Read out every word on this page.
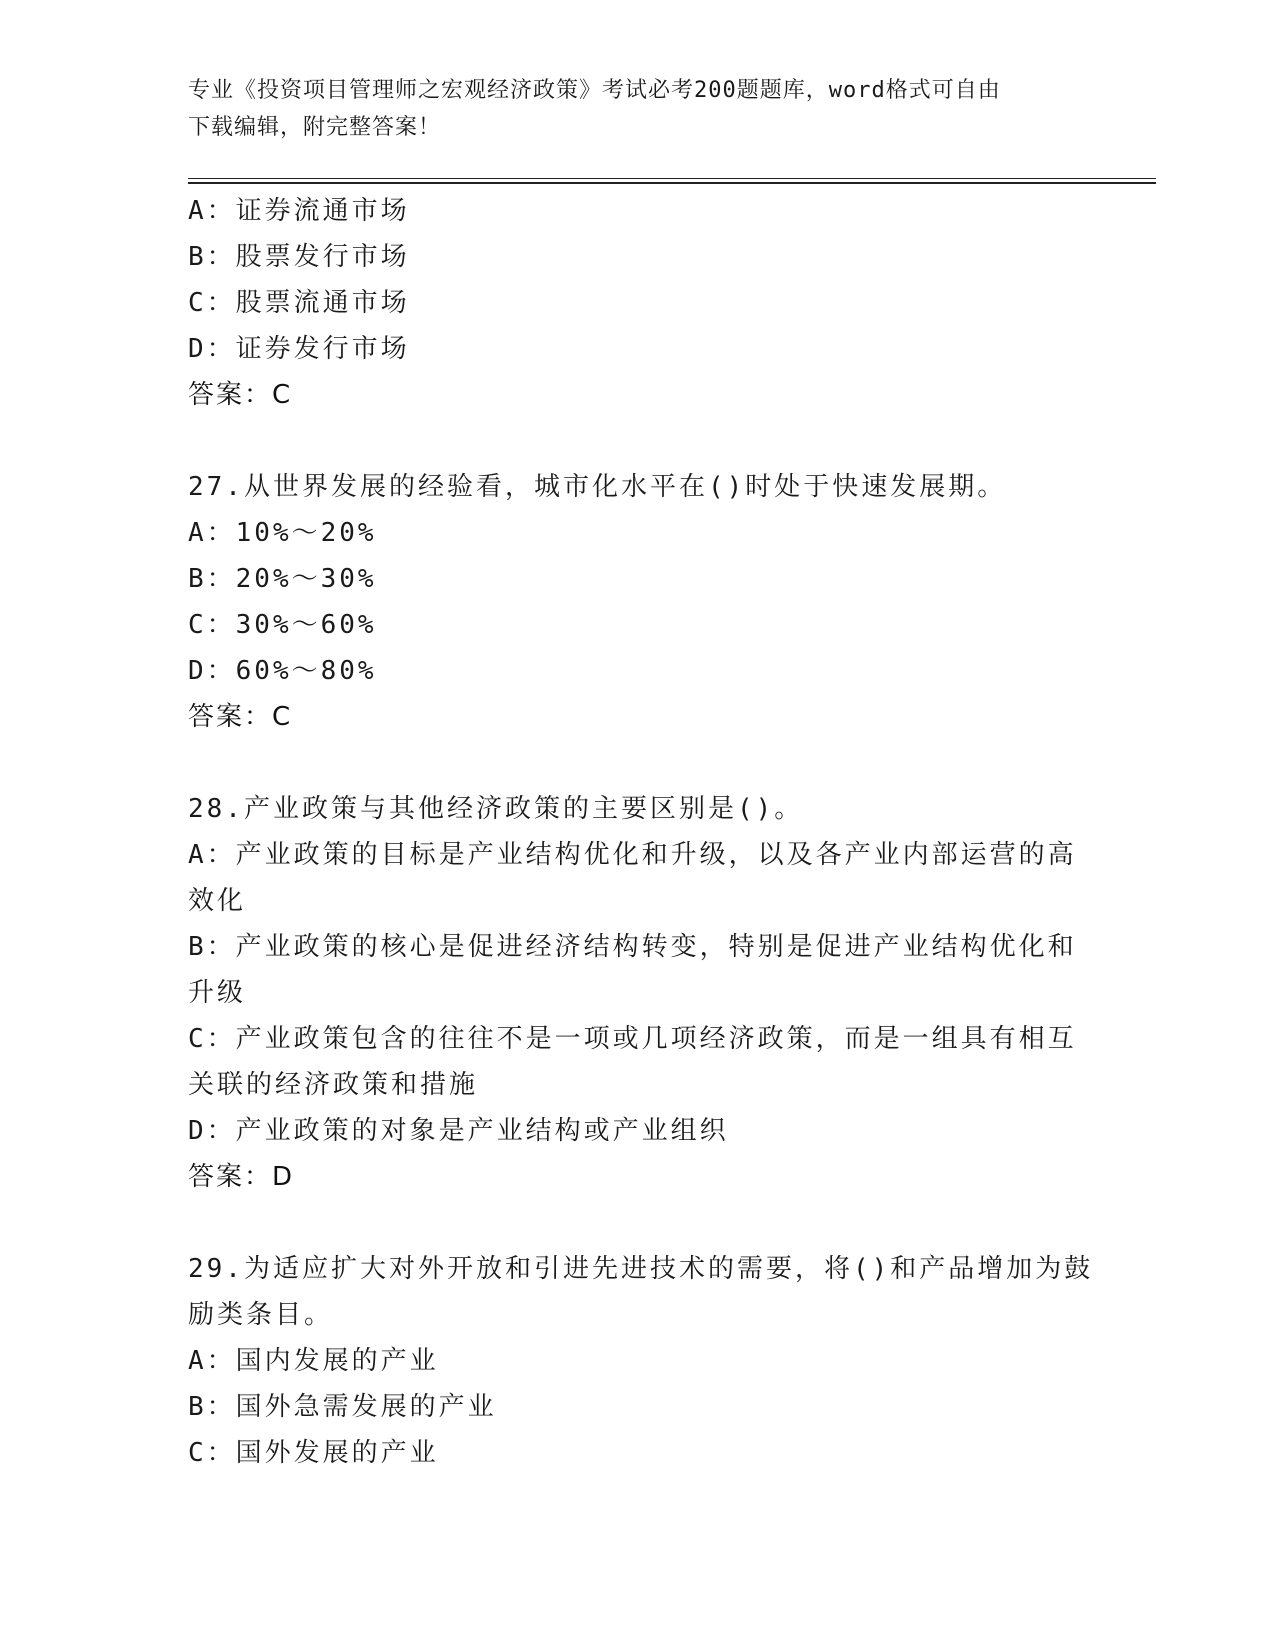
专业《投资项目管理师之宏观经济政策》考试必考200题题库，word格式可自由
下载编辑，附完整答案！
A：证券流通市场
B：股票发行市场
C：股票流通市场
D：证券发行市场
答案：C
27.从世界发展的经验看，城市化水平在()时处于快速发展期。
A：10%～20%
B：20%～30%
C：30%～60%
D：60%～80%
答案：C
28.产业政策与其他经济政策的主要区别是()。
A：产业政策的目标是产业结构优化和升级，以及各产业内部运营的高
效化
B：产业政策的核心是促进经济结构转变，特别是促进产业结构优化和
升级
C：产业政策包含的往往不是一项或几项经济政策，而是一组具有相互
关联的经济政策和措施
D：产业政策的对象是产业结构或产业组织
答案：D
29.为适应扩大对外开放和引进先进技术的需要，将()和产品增加为鼓
励类条目。
A：国内发展的产业
B：国外急需发展的产业
C：国外发展的产业
